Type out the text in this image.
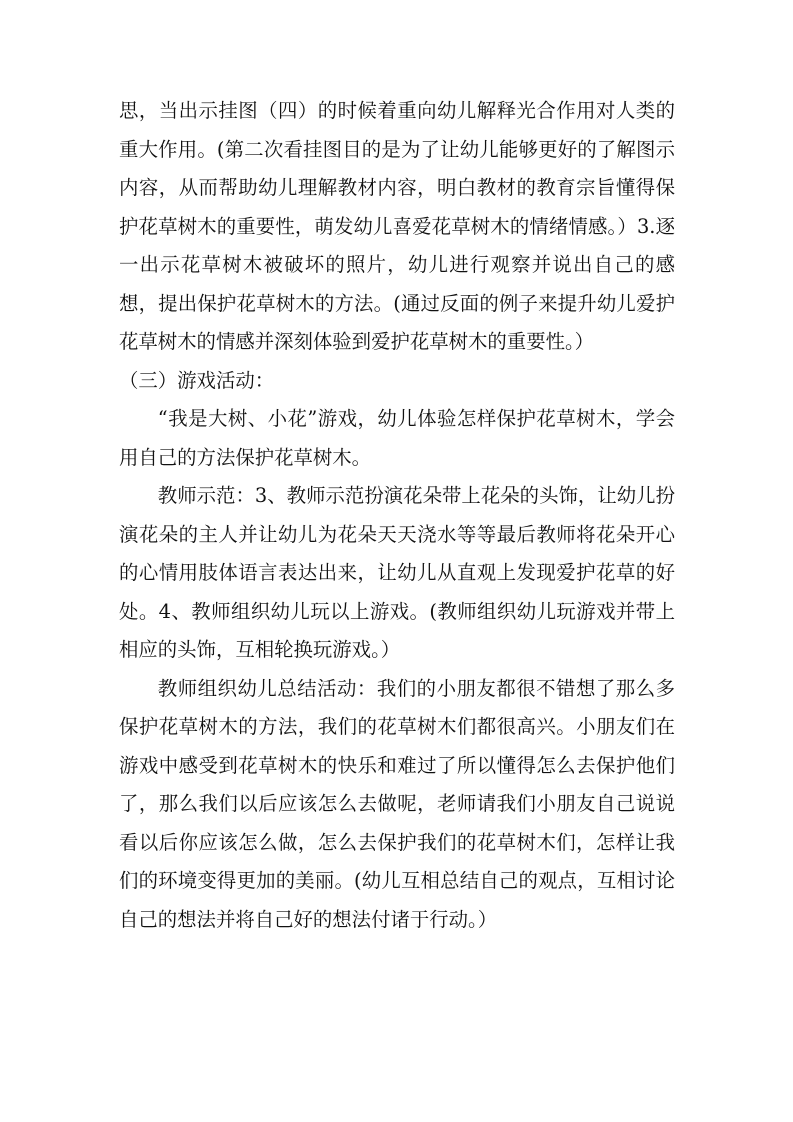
思，当出示挂图（四）的时候着重向幼儿解释光合作用对人类的重大作用。(第二次看挂图目的是为了让幼儿能够更好的了解图示内容，从而帮助幼儿理解教材内容，明白教材的教育宗旨懂得保护花草树木的重要性，萌发幼儿喜爱花草树木的情绪情感。）3.逐一出示花草树木被破坏的照片，幼儿进行观察并说出自己的感想，提出保护花草树木的方法。(通过反面的例子来提升幼儿爱护花草树木的情感并深刻体验到爱护花草树木的重要性。）

（三）游戏活动：

“我是大树、小花”游戏，幼儿体验怎样保护花草树木，学会用自己的方法保护花草树木。

教师示范：3、教师示范扮演花朵带上花朵的头饰，让幼儿扮演花朵的主人并让幼儿为花朵天天浇水等等最后教师将花朵开心的心情用肢体语言表达出来，让幼儿从直观上发现爱护花草的好处。4、教师组织幼儿玩以上游戏。(教师组织幼儿玩游戏并带上相应的头饰，互相轮换玩游戏。）

教师组织幼儿总结活动：我们的小朋友都很不错想了那么多保护花草树木的方法，我们的花草树木们都很高兴。小朋友们在游戏中感受到花草树木的快乐和难过了所以懂得怎么去保护他们了，那么我们以后应该怎么去做呢，老师请我们小朋友自己说说看以后你应该怎么做，怎么去保护我们的花草树木们，怎样让我们的环境变得更加的美丽。(幼儿互相总结自己的观点，互相讨论自己的想法并将自己好的想法付诸于行动。）
